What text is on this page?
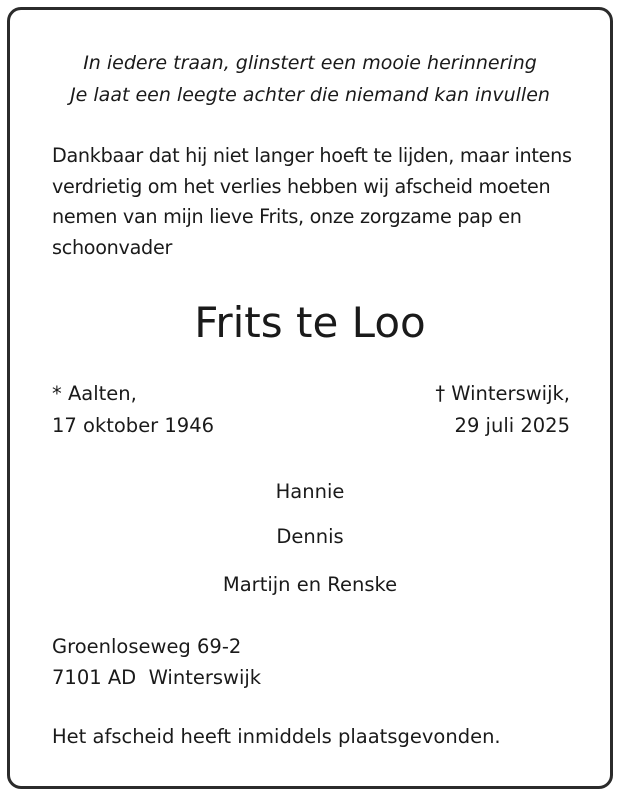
In iedere traan, glinstert een mooie herinnering
Je laat een leegte achter die niemand kan invullen
Dankbaar dat hij niet langer hoeft te lijden, maar intens
verdrietig om het verlies hebben wij afscheid moeten
nemen van mijn lieve Frits, onze zorgzame pap en
schoonvader
Frits te Loo
* Aalten,
17 oktober 1946
† Winterswijk,
29 juli 2025
Hannie
Dennis
Martijn en Renske
Groenloseweg 69-2
7101 AD  Winterswijk
Het afscheid heeft inmiddels plaatsgevonden.
